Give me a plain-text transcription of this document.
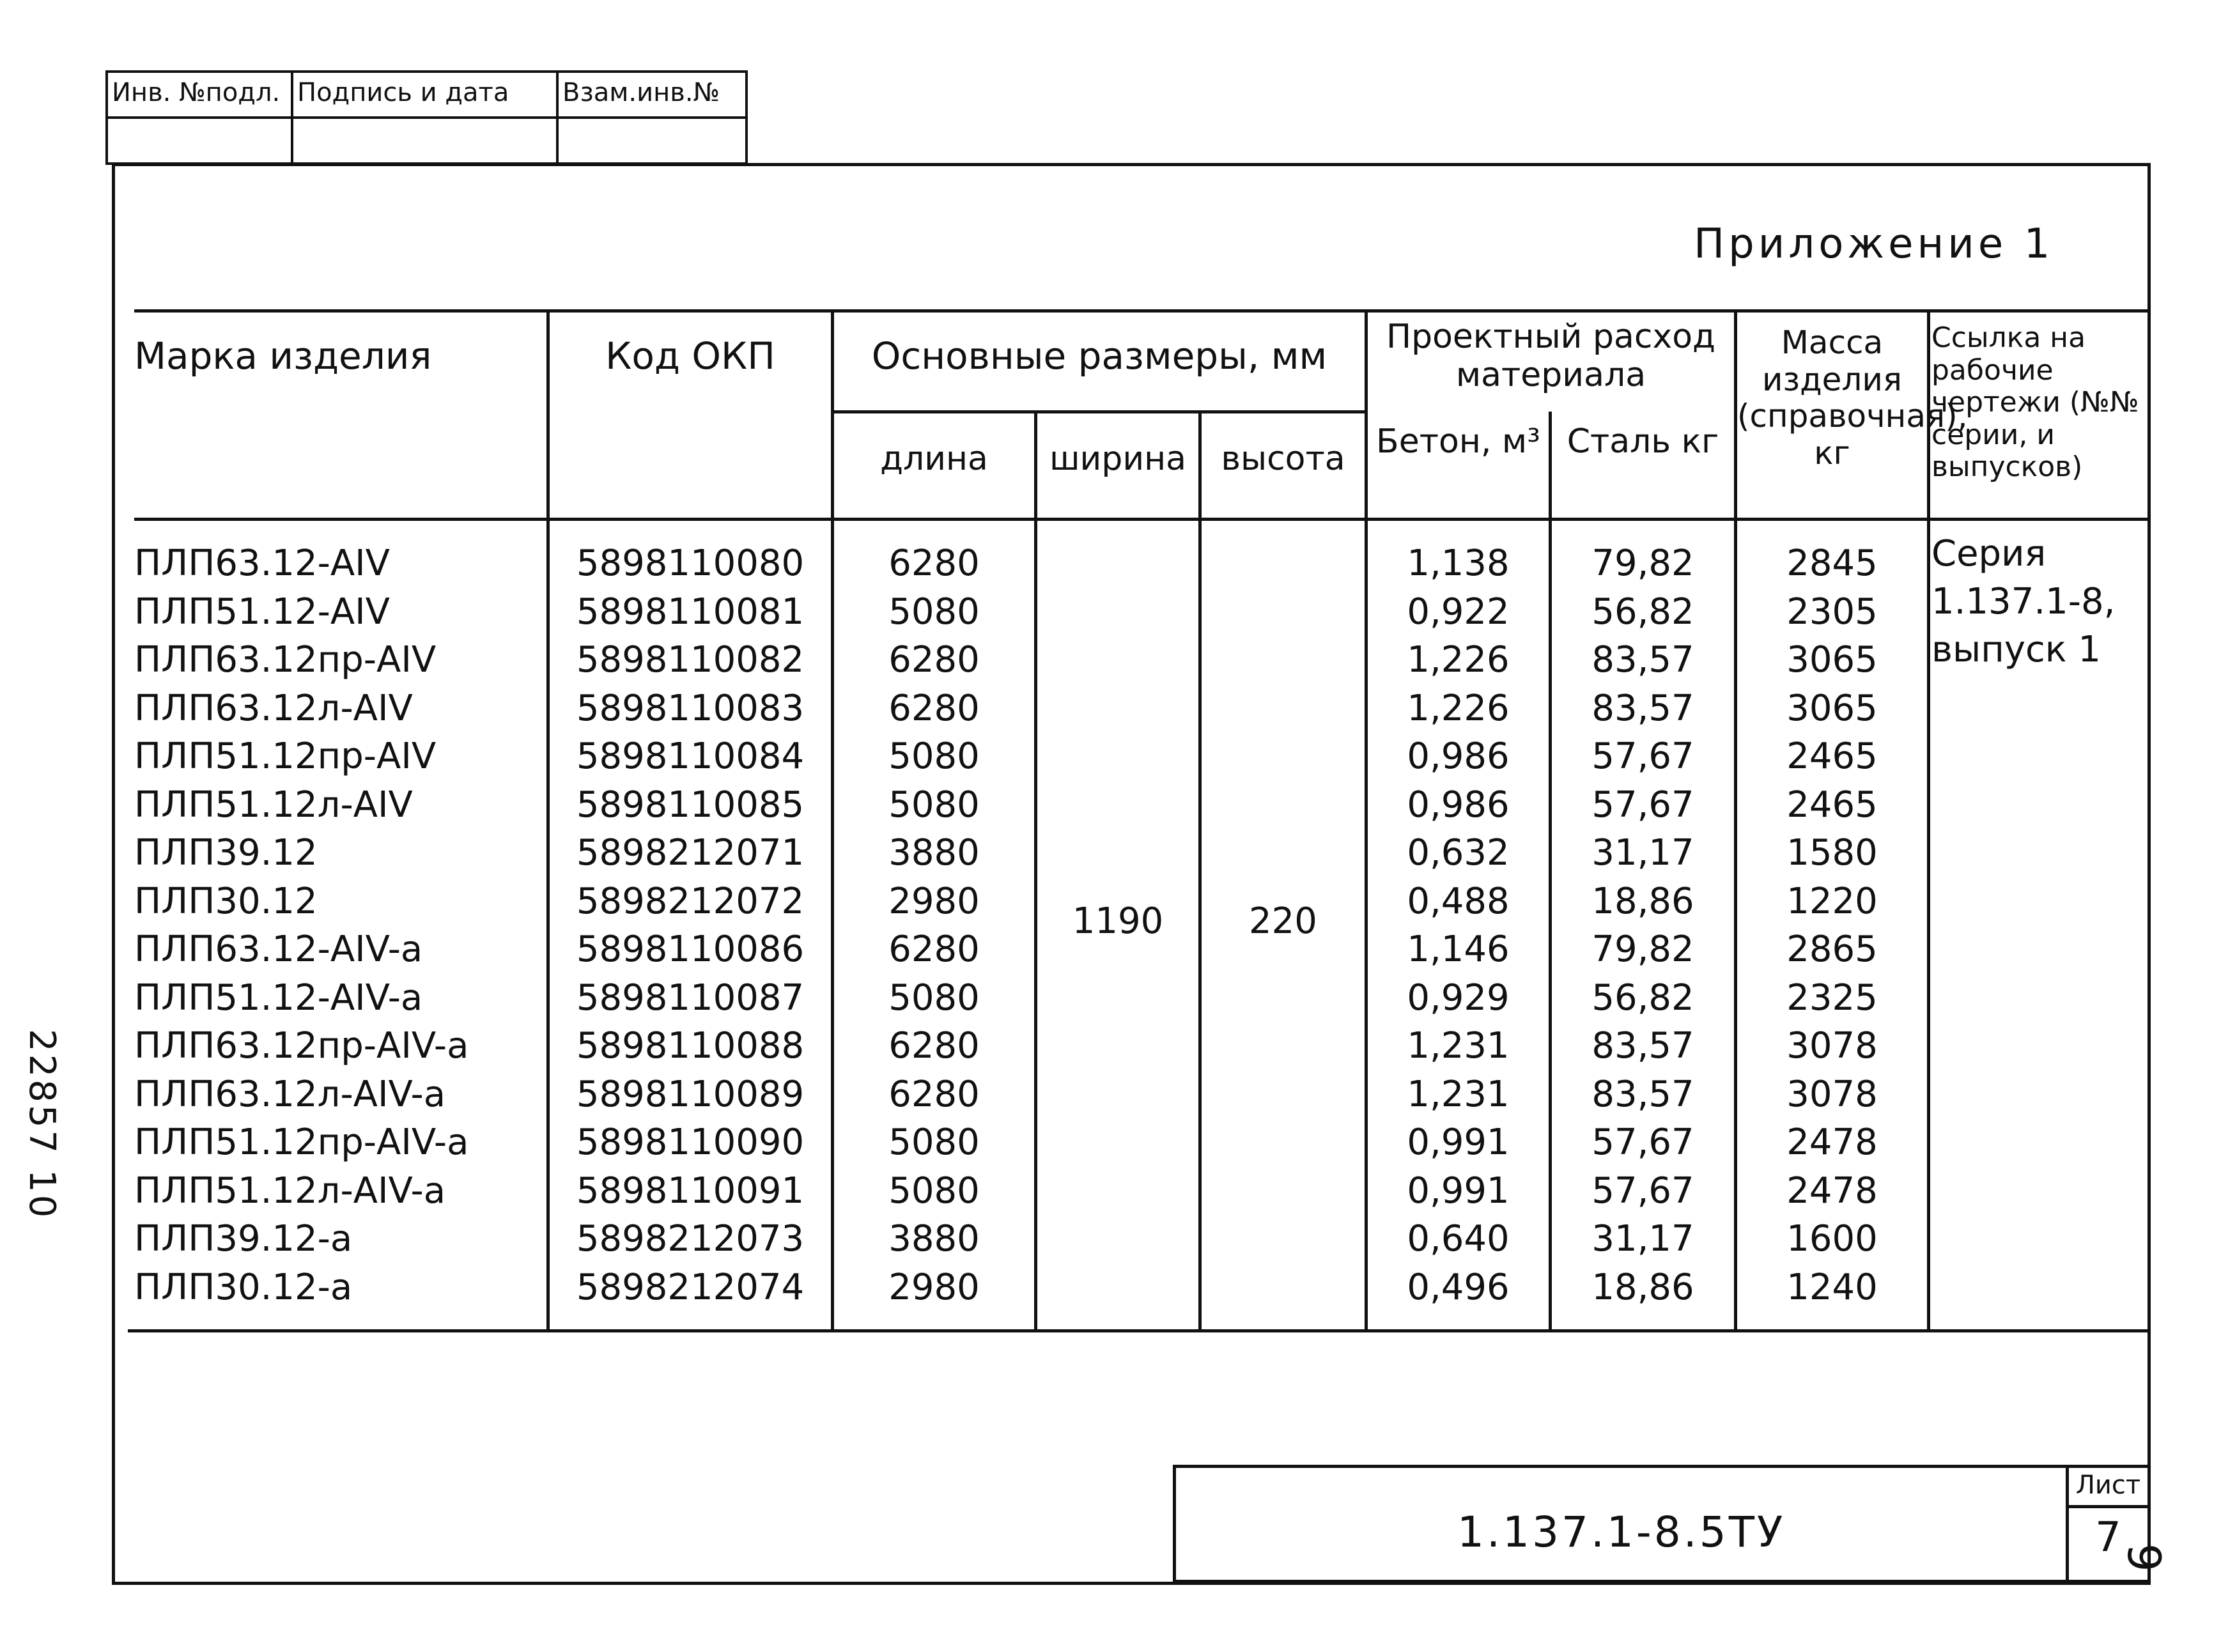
Инв. №подл. Подпись и дата Взам.инв.№
Приложение 1
Марка изделия	Код ОКП	Основные размеры, мм
длина	ширина	высота
Проектный расход материала
Бетон, м³ Сталь кг
Масса изделия (справочная), кг
Ссылка на рабочие чертежи (№№ серии, и выпусков)
1190	220
Серия
1.137.1-8,
выпуск 1
ПЛП63.12-AIV	5898110080	6280	1,138	79,82	2845
ПЛП51.12-AIV	5898110081	5080	0,922	56,82	2305
ПЛП63.12пр-AIV	5898110082	6280	1,226	83,57	3065
ПЛП63.12л-AIV	5898110083	6280	1,226	83,57	3065
ПЛП51.12пр-AIV	5898110084	5080	0,986	57,67	2465
ПЛП51.12л-AIV	5898110085	5080	0,986	57,67	2465
ПЛП39.12	5898212071	3880	0,632	31,17	1580
ПЛП30.12	5898212072	2980	0,488	18,86	1220
ПЛП63.12-AIV-а	5898110086	6280	1,146	79,82	2865
ПЛП51.12-AIV-а	5898110087	5080	0,929	56,82	2325
ПЛП63.12пр-AIV-а	5898110088	6280	1,231	83,57	3078
ПЛП63.12л-AIV-а	5898110089	6280	1,231	83,57	3078
ПЛП51.12пр-AIV-а	5898110090	5080	0,991	57,67	2478
ПЛП51.12л-AIV-а	5898110091	5080	0,991	57,67	2478
ПЛП39.12-а	5898212073	3880	0,640	31,17	1600
ПЛП30.12-а	5898212074	2980	0,496	18,86	1240
1.137.1-8.5ТУ
Лист
7
22857 10
9
